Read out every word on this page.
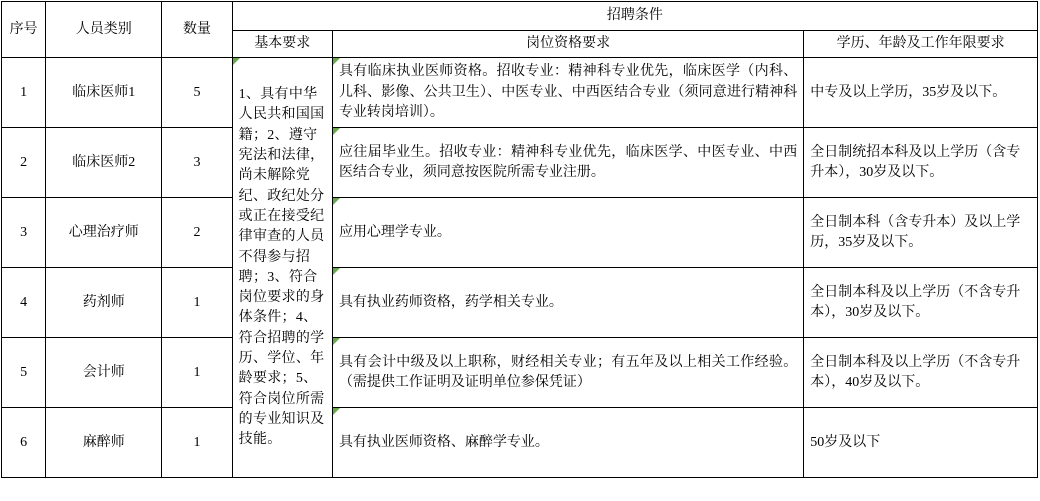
序号	人员类别	数量	招聘条件		
			基本要求	岗位资格要求	学历、年龄及工作年限要求
1	临床医师1	5	1、具有中华人民共和国国籍；2、遵守宪法和法律，尚未解除党纪、政纪处分或正在接受纪律审查的人员不得参与招聘；3、符合岗位要求的身体条件；4、符合招聘的学历、学位、年龄要求；5、符合岗位所需的专业知识及技能。	具有临床执业医师资格。招收专业：精神科专业优先，临床医学（内科、儿科、影像、公共卫生）、中医专业、中西医结合专业（须同意进行精神科专业转岗培训）。	中专及以上学历，35岁及以下。
2	临床医师2	3		应往届毕业生。招收专业：精神科专业优先，临床医学、中医专业、中西医结合专业，须同意按医院所需专业注册。	全日制统招本科及以上学历（含专升本），30岁及以下。
3	心理治疗师	2		应用心理学专业。	全日制本科（含专升本）及以上学历，35岁及以下。
4	药剂师	1		具有执业药师资格，药学相关专业。	全日制本科及以上学历（不含专升本），30岁及以下。
5	会计师	1		具有会计中级及以上职称，财经相关专业；有五年及以上相关工作经验。（需提供工作证明及证明单位参保凭证）	全日制本科及以上学历（不含专升本），40岁及以下。
6	麻醉师	1		具有执业医师资格、麻醉学专业。	50岁及以下
